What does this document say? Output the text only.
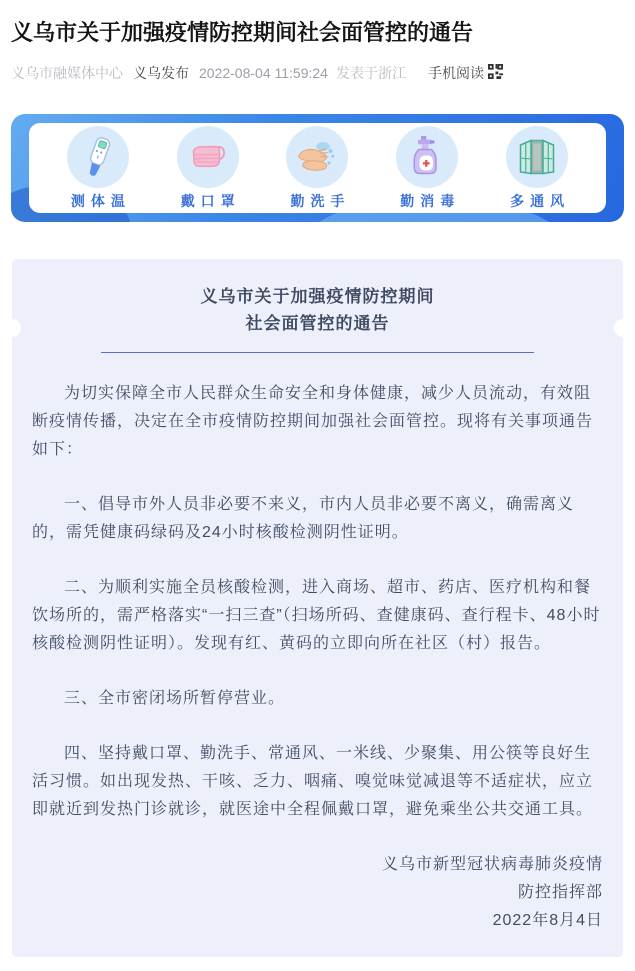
义乌市关于加强疫情防控期间社会面管控的通告
义乌市融媒体中心 义乌发布 2022-08-04 11:59:24 发表于浙江 手机阅读
测体温	戴口罩	勤洗手	勤消毒	多通风
义乌市关于加强疫情防控期间
社会面管控的通告

为切实保障全市人民群众生命安全和身体健康，减少人员流动，有效阻断疫情传播，决定在全市疫情防控期间加强社会面管控。现将有关事项通告如下：

一、倡导市外人员非必要不来义，市内人员非必要不离义，确需离义的，需凭健康码绿码及24小时核酸检测阴性证明。

二、为顺利实施全员核酸检测，进入商场、超市、药店、医疗机构和餐饮场所的，需严格落实“一扫三查”（扫场所码、查健康码、查行程卡、48小时核酸检测阴性证明）。发现有红、黄码的立即向所在社区（村）报告。

三、全市密闭场所暂停营业。

四、坚持戴口罩、勤洗手、常通风、一米线、少聚集、用公筷等良好生活习惯。如出现发热、干咳、乏力、咽痛、嗅觉味觉减退等不适症状，应立即就近到发热门诊就诊，就医途中全程佩戴口罩，避免乘坐公共交通工具。

义乌市新型冠状病毒肺炎疫情
防控指挥部
2022年8月4日
